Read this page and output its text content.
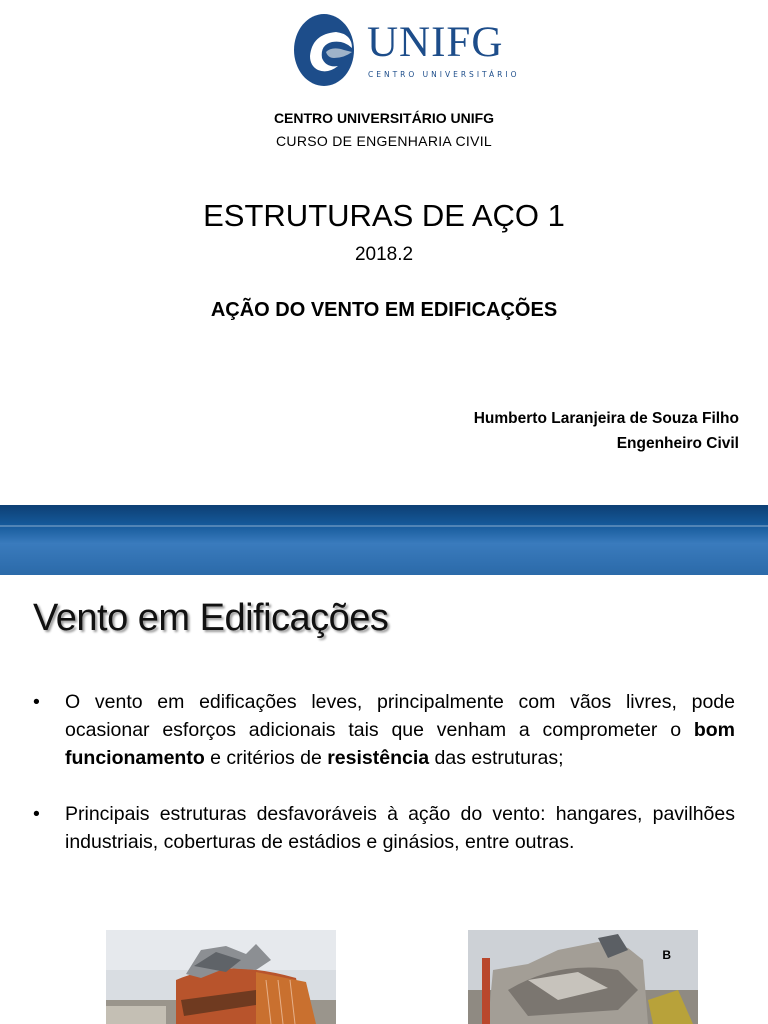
UNIFG
CENTRO UNIVERSITÁRIO
CENTRO UNIVERSITÁRIO UNIFG
CURSO DE ENGENHARIA CIVIL
ESTRUTURAS DE AÇO 1
2018.2
AÇÃO DO VENTO EM EDIFICAÇÕES
Humberto Laranjeira de Souza Filho
Engenheiro Civil
Vento em Edificações
• O vento em edificações leves, principalmente com vãos livres, pode ocasionar esforços adicionais tais que venham a comprometer o bom funcionamento e critérios de resistência das estruturas;
• Principais estruturas desfavoráveis à ação do vento: hangares, pavilhões industriais, coberturas de estádios e ginásios, entre outras.
B
